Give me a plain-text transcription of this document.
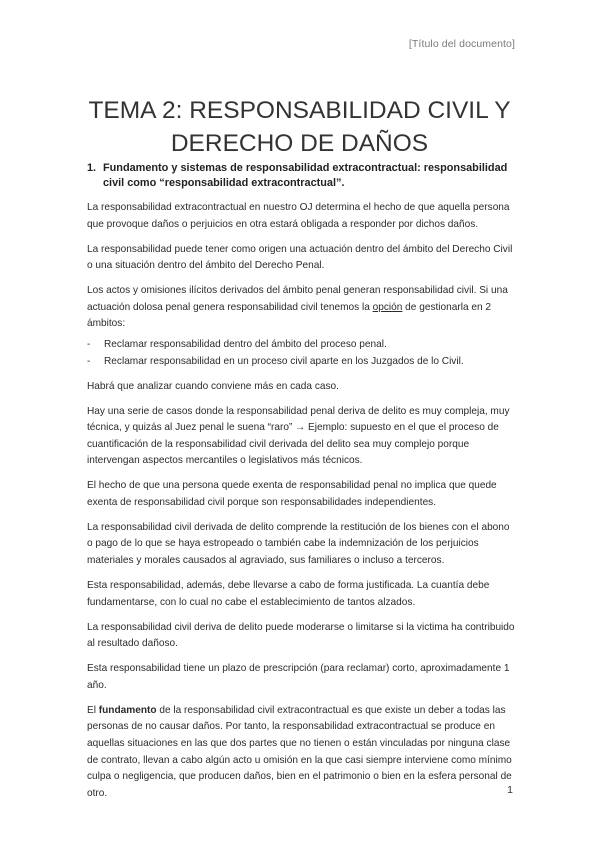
[Título del documento]
TEMA 2: RESPONSABILIDAD CIVIL Y
DERECHO DE DAÑOS
1. Fundamento y sistemas de responsabilidad extracontractual: responsabilidad civil como “responsabilidad extracontractual”.

La responsabilidad extracontractual en nuestro OJ determina el hecho de que aquella persona que provoque daños o perjuicios en otra estará obligada a responder por dichos daños.

La responsabilidad puede tener como origen una actuación dentro del ámbito del Derecho Civil o una situación dentro del ámbito del Derecho Penal.

Los actos y omisiones ilícitos derivados del ámbito penal generan responsabilidad civil. Si una actuación dolosa penal genera responsabilidad civil tenemos la opción de gestionarla en 2 ámbitos:

- Reclamar responsabilidad dentro del ámbito del proceso penal.
- Reclamar responsabilidad en un proceso civil aparte en los Juzgados de lo Civil.

Habrá que analizar cuando conviene más en cada caso.

Hay una serie de casos donde la responsabilidad penal deriva de delito es muy compleja, muy técnica, y quizás al Juez penal le suena “raro” → Ejemplo: supuesto en el que el proceso de cuantificación de la responsabilidad civil derivada del delito sea muy complejo porque intervengan aspectos mercantiles o legislativos más técnicos.

El hecho de que una persona quede exenta de responsabilidad penal no implica que quede exenta de responsabilidad civil porque son responsabilidades independientes.

La responsabilidad civil derivada de delito comprende la restitución de los bienes con el abono o pago de lo que se haya estropeado o también cabe la indemnización de los perjuicios materiales y morales causados al agraviado, sus familiares o incluso a terceros.

Esta responsabilidad, además, debe llevarse a cabo de forma justificada. La cuantía debe fundamentarse, con lo cual no cabe el establecimiento de tantos alzados.

La responsabilidad civil deriva de delito puede moderarse o limitarse si la victima ha contribuido al resultado dañoso.

Esta responsabilidad tiene un plazo de prescripción (para reclamar) corto, aproximadamente 1 año.

El fundamento de la responsabilidad civil extracontractual es que existe un deber a todas las personas de no causar daños. Por tanto, la responsabilidad extracontractual se produce en aquellas situaciones en las que dos partes que no tienen o están vinculadas por ninguna clase de contrato, llevan a cabo algún acto u omisión en la que casi siempre interviene como mínimo culpa o negligencia, que producen daños, bien en el patrimonio o bien en la esfera personal de otro.	1
